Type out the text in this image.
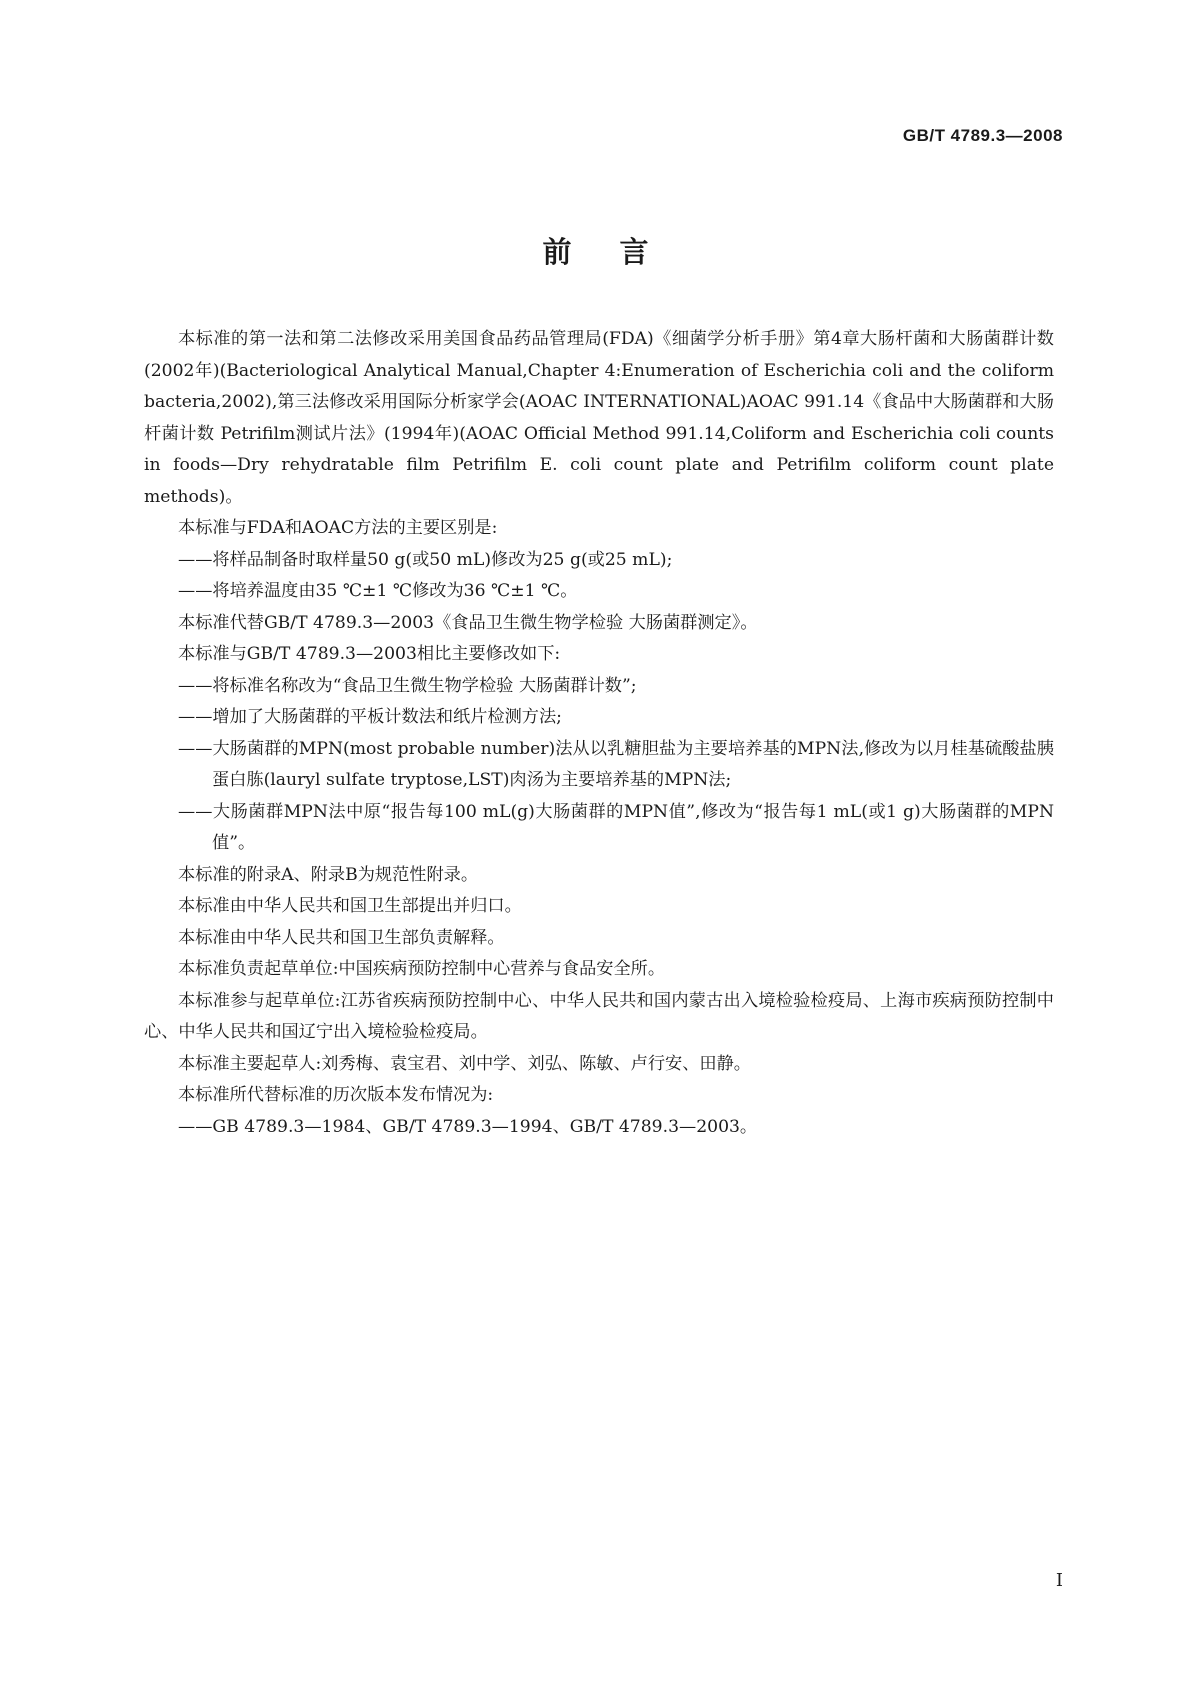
GB/T 4789.3—2008
前言

本标准的第一法和第二法修改采用美国食品药品管理局(FDA)《细菌学分析手册》第4章大肠杆菌和大肠菌群计数(2002年)(Bacteriological Analytical Manual,Chapter 4:Enumeration of Escherichia coli and the coliform bacteria,2002),第三法修改采用国际分析家学会(AOAC INTERNATIONAL)AOAC 991.14《食品中大肠菌群和大肠杆菌计数 Petrifilm测试片法》(1994年)(AOAC Official Method 991.14,Coliform and Escherichia coli counts in foods—Dry rehydratable film Petrifilm E. coli count plate and Petrifilm coliform count plate methods)。

本标准与FDA和AOAC方法的主要区别是:

——将样品制备时取样量50 g(或50 mL)修改为25 g(或25 mL);

——将培养温度由35 ℃±1 ℃修改为36 ℃±1 ℃。

本标准代替GB/T 4789.3—2003《食品卫生微生物学检验 大肠菌群测定》。

本标准与GB/T 4789.3—2003相比主要修改如下:

——将标准名称改为“食品卫生微生物学检验 大肠菌群计数”;

——增加了大肠菌群的平板计数法和纸片检测方法;

——大肠菌群的MPN(most probable number)法从以乳糖胆盐为主要培养基的MPN法,修改为以月桂基硫酸盐胰蛋白胨(lauryl sulfate tryptose,LST)肉汤为主要培养基的MPN法;

——大肠菌群MPN法中原“报告每100 mL(g)大肠菌群的MPN值”,修改为“报告每1 mL(或1 g)大肠菌群的MPN值”。

本标准的附录A、附录B为规范性附录。

本标准由中华人民共和国卫生部提出并归口。

本标准由中华人民共和国卫生部负责解释。

本标准负责起草单位:中国疾病预防控制中心营养与食品安全所。

本标准参与起草单位:江苏省疾病预防控制中心、中华人民共和国内蒙古出入境检验检疫局、上海市疾病预防控制中心、中华人民共和国辽宁出入境检验检疫局。

本标准主要起草人:刘秀梅、袁宝君、刘中学、刘弘、陈敏、卢行安、田静。

本标准所代替标准的历次版本发布情况为:

——GB 4789.3—1984、GB/T 4789.3—1994、GB/T 4789.3—2003。

I
